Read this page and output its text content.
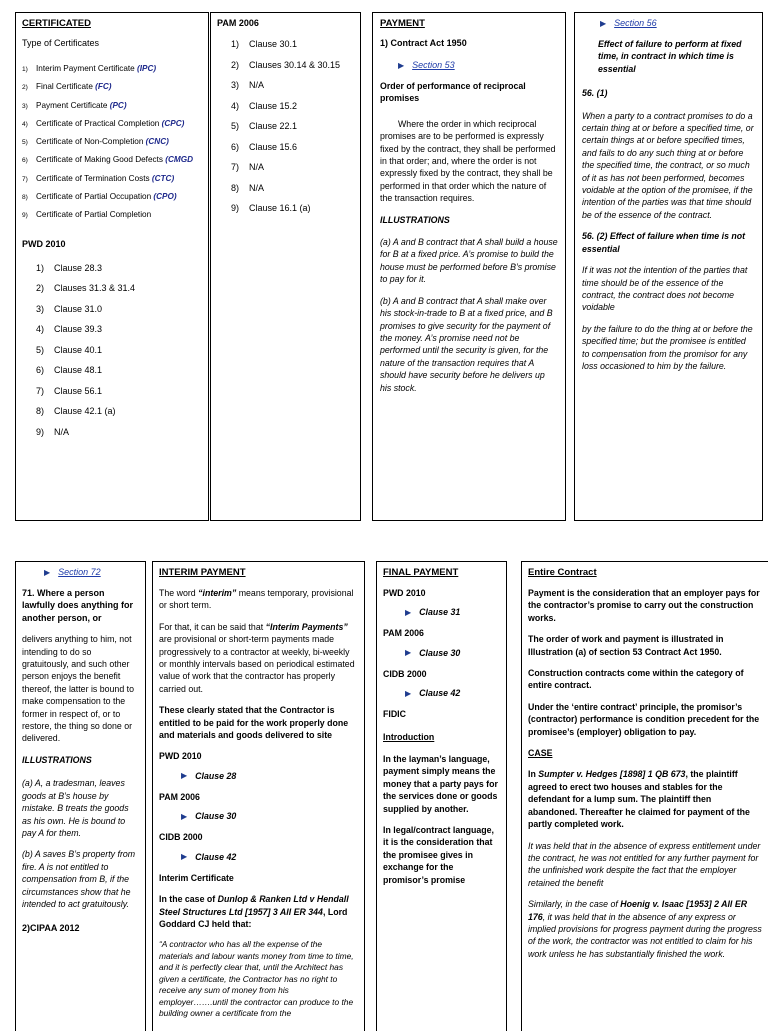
CERTIFICATED
Type of Certificates
1) Interim Payment Certificate (IPC)
2) Final Certificate (FC)
3) Payment Certificate (PC)
4) Certificate of Practical Completion (CPC)
5) Certificate of Non-Completion (CNC)
6) Certificate of Making Good Defects (CMGD
7) Certificate of Termination Costs (CTC)
8) Certificate of Partial Occupation (CPO)
9) Certificate of Partial Completion
PWD 2010
1) Clause 28.3
2) Clauses 31.3 & 31.4
3) Clause 31.0
4) Clause 39.3
5) Clause 40.1
6) Clause 48.1
7) Clause 56.1
8) Clause 42.1 (a)
9) N/A
PAM 2006
1) Clause 30.1
2) Clauses 30.14 & 30.15
3) N/A
4) Clause 15.2
5) Clause 22.1
6) Clause 15.6
7) N/A
8) N/A
9) Clause 16.1 (a)
PAYMENT
1) Contract Act 1950
▶ Section 53

Order of performance of reciprocal promises

Where the order in which reciprocal promises are to be performed is expressly fixed by the contract, they shall be performed in that order; and, where the order is not expressly fixed by the contract, they shall be performed in that order which the nature of the transaction requires.

ILLUSTRATIONS

(a) A and B contract that A shall build a house for B at a fixed price. A’s promise to build the house must be performed before B’s promise to pay for it.

(b) A and B contract that A shall make over his stock-in-trade to B at a fixed price, and B promises to give security for the payment of the money. A’s promise need not be performed until the security is given, for the nature of the transaction requires that A should have security before he delivers up his stock.

▶ Section 56

Effect of failure to perform at fixed time, in contract in which time is essential

56. (1)

When a party to a contract promises to do a certain thing at or before a specified time, or certain things at or before specified times, and fails to do any such thing at or before the specified time, the contract, or so much of it as has not been performed, becomes voidable at the option of the promisee, if the intention of the parties was that time should be of the essence of the contract.

56. (2) Effect of failure when time is not essential

If it was not the intention of the parties that time should be of the essence of the contract, the contract does not become voidable

by the failure to do the thing at or before the specified time; but the promisee is entitled to compensation from the promisor for any loss occasioned to him by the failure.

▶ Section 72

71. Where a person lawfully does anything for another person, or

delivers anything to him, not intending to do so gratuitously, and such other person enjoys the benefit thereof, the latter is bound to make compensation to the former in respect of, or to restore, the thing so done or delivered.

ILLUSTRATIONS

(a) A, a tradesman, leaves goods at B’s house by mistake. B treats the goods as his own. He is bound to pay A for them.

(b) A saves B’s property from fire. A is not entitled to compensation from B, if the circumstances show that he intended to act gratuitously.

2)CIPAA 2012

INTERIM PAYMENT

The word “interim” means temporary, provisional or short term.

For that, it can be said that “Interim Payments” are provisional or short-term payments made progressively to a contractor at weekly, bi-weekly or monthly intervals based on periodical estimated value of work that the contractor has properly carried out.

These clearly stated that the Contractor is entitled to be paid for the work properly done and materials and goods delivered to site

PWD 2010
▶ Clause 28
PAM 2006
▶ Clause 30
CIDB 2000
▶ Clause 42
Interim Certificate

In the case of Dunlop & Ranken Ltd v Hendall Steel Structures Ltd [1957] 3 All ER 344, Lord Goddard CJ held that:

“A contractor who has all the expense of the materials and labour wants money from time to time, and it is perfectly clear that, until the Architect has given a certificate, the Contractor has no right to receive any sum of money from his employer…….until the contractor can produce to the building owner a certificate from the

FINAL PAYMENT
PWD 2010
▶ Clause 31
PAM 2006
▶ Clause 30
CIDB 2000
▶ Clause 42
FIDIC
Introduction

In the layman’s language, payment simply means the money that a party pays for the services done or goods supplied by another.

In legal/contract language, it is the consideration that the promisee gives in exchange for the promisor’s promise

Entire Contract

Payment is the consideration that an employer pays for the contractor’s promise to carry out the construction works.

The order of work and payment is illustrated in Illustration (a) of section 53 Contract Act 1950.

Construction contracts come within the category of entire contract.

Under the ‘entire contract’ principle, the promisor’s (contractor) performance is condition precedent for the promisee’s (employer) obligation to pay.

CASE

In Sumpter v. Hedges [1898] 1 QB 673, the plaintiff agreed to erect two houses and stables for the defendant for a lump sum. The plaintiff then abandoned. Thereafter he claimed for payment of the partly completed work.

It was held that in the absence of express entitlement under the contract, he was not entitled for any further payment for the unfinished work despite the fact that the employer retained the benefit

Similarly, in the case of Hoenig v. Isaac [1953] 2 All ER 176, it was held that in the absence of any express or implied provisions for progress payment during the progress of the work, the contractor was not entitled to claim for his work unless he has substantially finished the work.
